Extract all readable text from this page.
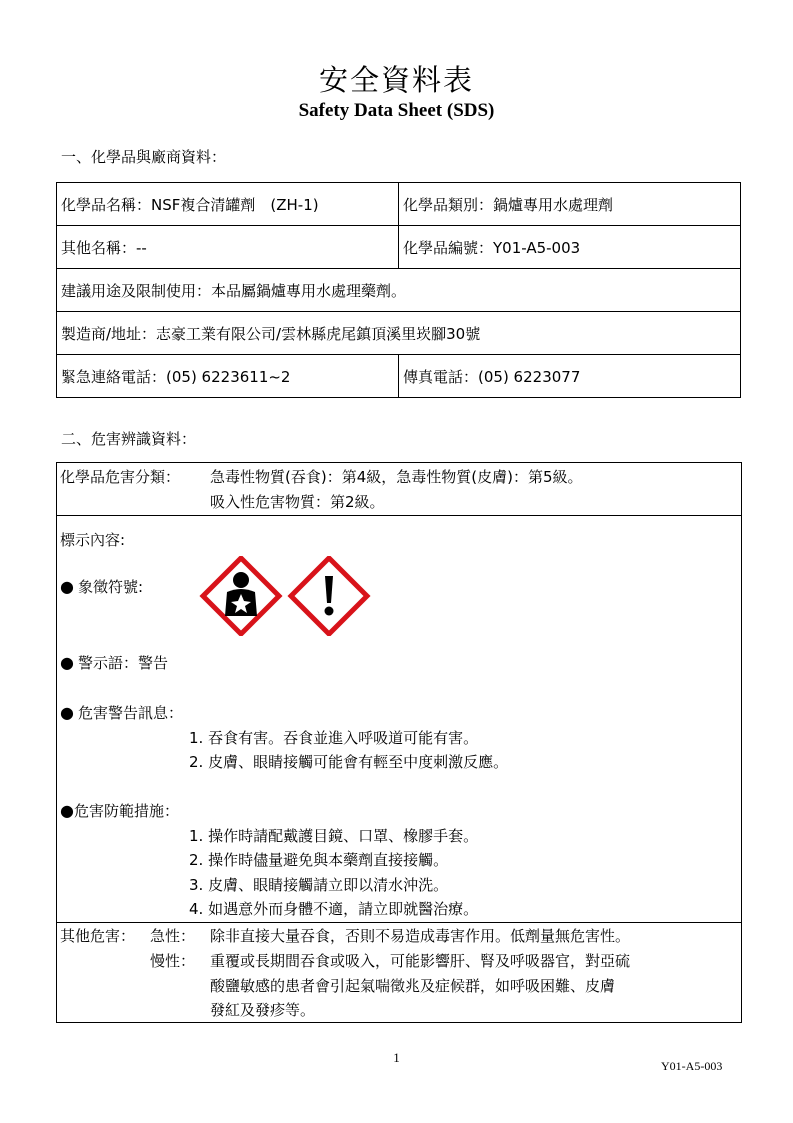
安全資料表
Safety Data Sheet (SDS)
一、化學品與廠商資料：
化學品名稱：NSF複合清罐劑　(ZH-1)	化學品類別：鍋爐專用水處理劑
其他名稱：--	化學品編號：Y01-A5-003
建議用途及限制使用：本品屬鍋爐專用水處理藥劑。	
製造商/地址：志豪工業有限公司/雲林縣虎尾鎮頂溪里崁腳30號	
緊急連絡電話：(05) 6223611~2	傳真電話：(05) 6223077
二、危害辨識資料：
化學品危害分類： 急毒性物質(吞食)：第4級，急毒性物質(皮膚)：第5級。
吸入性危害物質：第2級。
標示內容:
● 象徵符號:
● 警示語：警告
● 危害警告訊息：
1. 吞食有害。吞食並進入呼吸道可能有害。
2. 皮膚、眼睛接觸可能會有輕至中度刺激反應。
●危害防範措施：
1. 操作時請配戴護目鏡、口罩、橡膠手套。
2. 操作時儘量避免與本藥劑直接接觸。
3. 皮膚、眼睛接觸請立即以清水沖洗。
4. 如遇意外而身體不適，請立即就醫治療。
其他危害： 急性： 除非直接大量吞食，否則不易造成毒害作用。低劑量無危害性。
慢性： 重覆或長期間吞食或吸入，可能影響肝、腎及呼吸器官，對亞硫
酸鹽敏感的患者會引起氣喘徵兆及症候群，如呼吸困難、皮膚
發紅及發疹等。
1
Y01-A5-003
